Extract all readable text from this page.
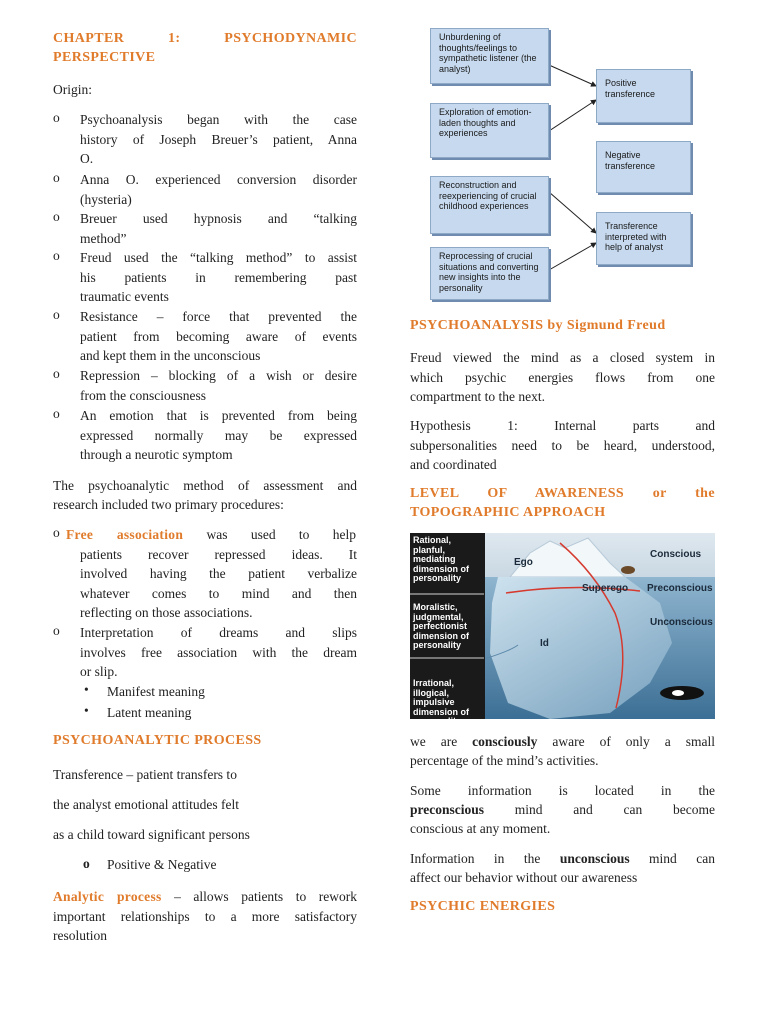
CHAPTER 1: PSYCHODYNAMIC
PERSPECTIVE

Origin:

o Psychoanalysis began with the case

history of Joseph Breuer’s patient, Anna

O.

o Anna O. experienced conversion disorder

(hysteria)

o Breuer used hypnosis and “talking

method”

o Freud used the “talking method” to assist

his patients in remembering past

traumatic events

o Resistance – force that prevented the

patient from becoming aware of events

and kept them in the unconscious

o Repression – blocking of a wish or desire

from the consciousness

o An emotion that is prevented from being

expressed normally may be expressed

through a neurotic symptom

The psychoanalytic method of assessment and

research included two primary procedures:

o Free association was used to help

patients recover repressed ideas. It

involved having the patient verbalize

whatever comes to mind and then

reflecting on those associations.

o Interpretation of dreams and slips

involves free association with the dream

or slip.

• Manifest meaning

• Latent meaning

PSYCHOANALYTIC PROCESS

Transference – patient transfers to

the analyst emotional attitudes felt

as a child toward significant persons

o Positive & Negative

Analytic process – allows patients to rework

important relationships to a more satisfactory

resolution

Unburdening of thoughts/feelings to sympathetic listener (the analyst)
Exploration of emotion-laden thoughts and experiences
Reconstruction and reexperiencing of crucial childhood experiences
Reprocessing of crucial situations and converting new insights into the personality
Positive transference
Negative transference
Transference interpreted with help of analyst
PSYCHOANALYSIS by Sigmund Freud

Freud viewed the mind as a closed system in

which psychic energies flows from one

compartment to the next.

Hypothesis 1: Internal parts and

subpersonalities need to be heard, understood,

and coordinated

LEVEL OF AWARENESS or the
TOPOGRAPHIC APPROACH
Rational, planful, mediating dimension of personality
Moralistic, judgmental, perfectionist dimension of personality
Irrational, illogical, impulsive dimension of personality
Ego
Superego
Id
Conscious
Preconscious
Unconscious

we are consciously aware of only a small

percentage of the mind’s activities.

Some information is located in the

preconscious mind and can become

conscious at any moment.

Information in the unconscious mind can

affect our behavior without our awareness

PSYCHIC ENERGIES
